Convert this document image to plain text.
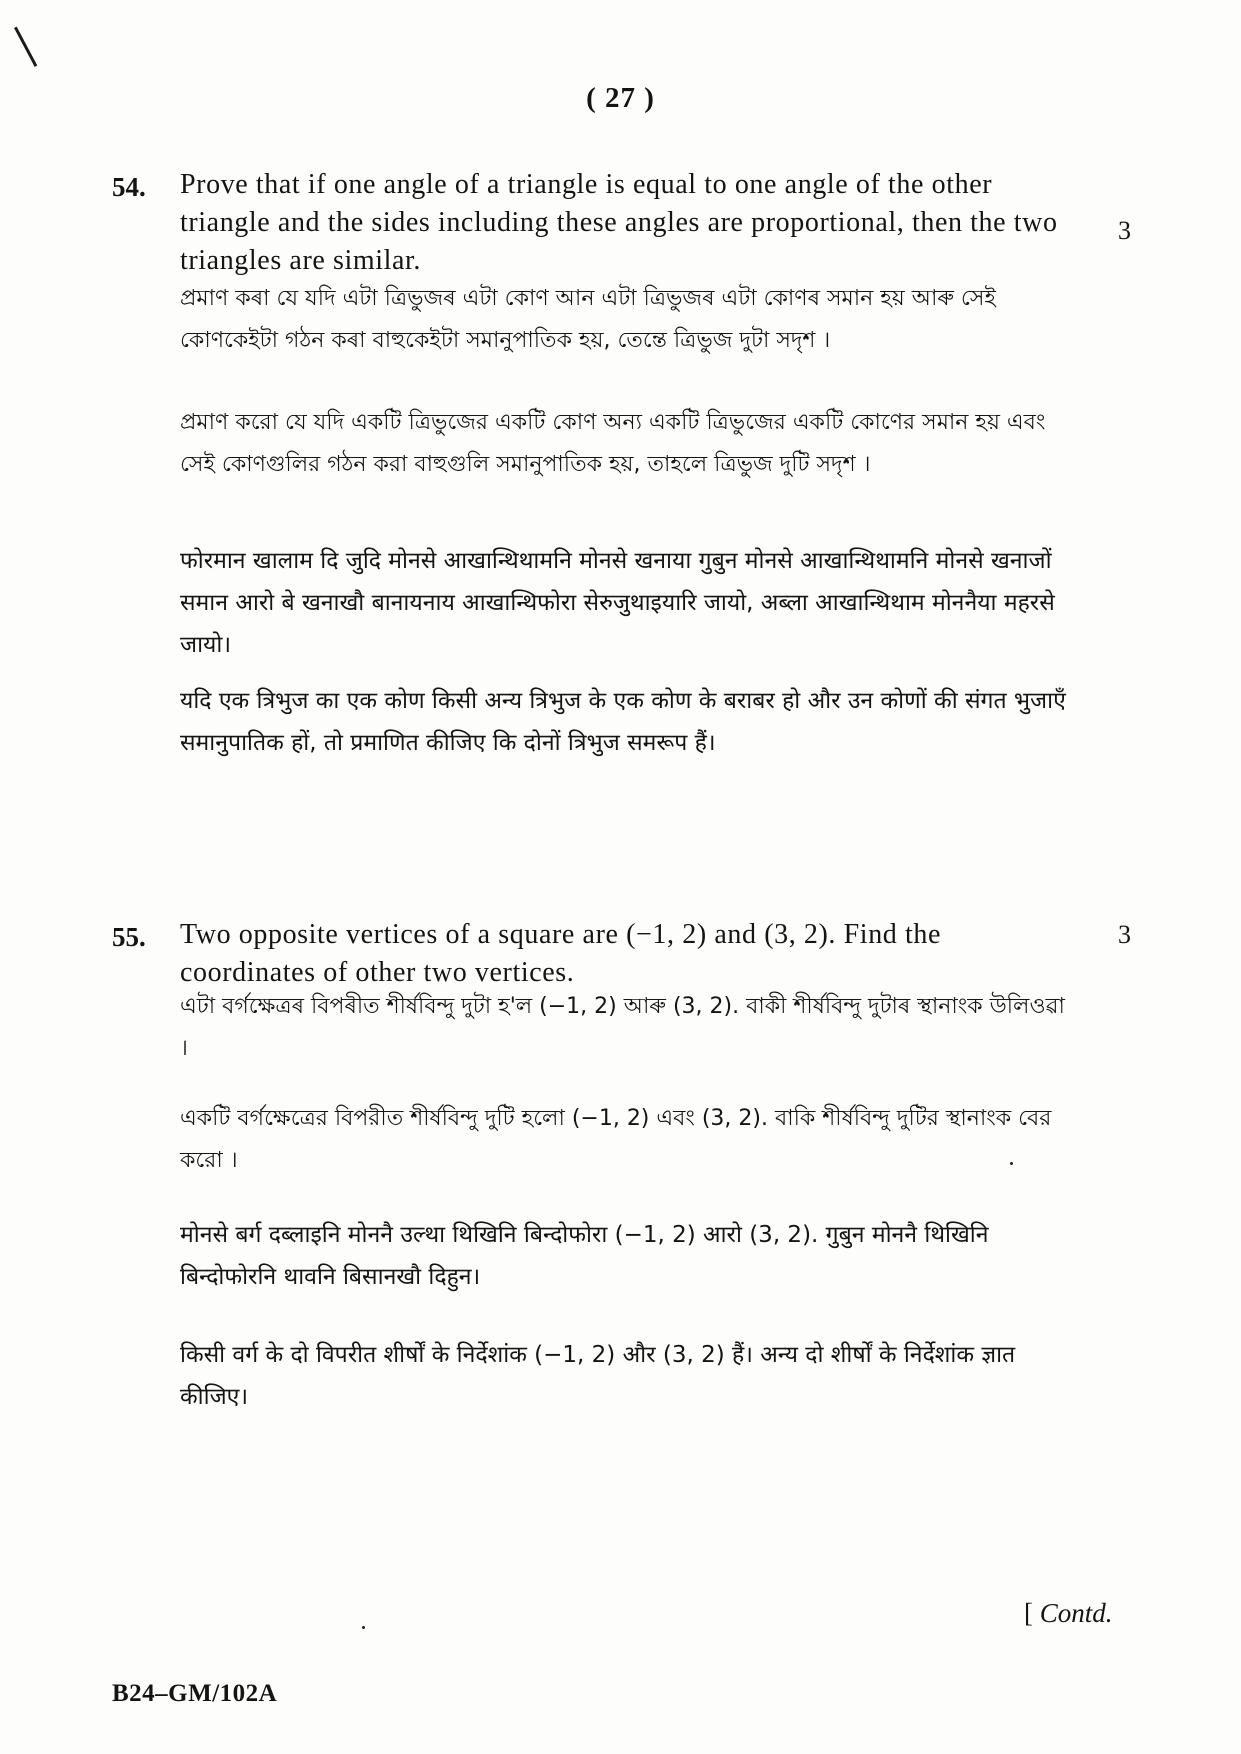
( 27 )
54. Prove that if one angle of a triangle is equal to one angle of the other triangle and the sides including these angles are proportional, then the two triangles are similar.
3
প্ৰমাণ কৰা যে যদি এটা ত্ৰিভুজৰ এটা কোণ আন এটা ত্ৰিভুজৰ এটা কোণৰ সমান হয় আৰু সেই কোণকেইটা গঠন কৰা বাহুকেইটা সমানুপাতিক হয়, তেন্তে ত্ৰিভুজ দুটা সদৃশ ।
প্রমাণ করো যে যদি একটি ত্রিভুজের একটি কোণ অন্য একটি ত্রিভুজের একটি কোণের সমান হয় এবং সেই কোণগুলির গঠন করা বাহুগুলি সমানুপাতিক হয়, তাহলে ত্রিভুজ দুটি সদৃশ ।
फोरमान खालाम दि जुदि मोनसे आखान्थिथामनि मोनसे खनाया गुबुन मोनसे आखान्थिथामनि मोनसे खनाजों समान आरो बे खनाखौ बानायनाय आखान्थिफोरा सेरुजुथाइयारि जायो, अब्ला आखान्थिथाम मोननैया महरसे जायो।
यदि एक त्रिभुज का एक कोण किसी अन्य त्रिभुज के एक कोण के बराबर हो और उन कोणों की संगत भुजाएँ समानुपातिक हों, तो प्रमाणित कीजिए कि दोनों त्रिभुज समरूप हैं।
55. Two opposite vertices of a square are (−1, 2) and (3, 2). Find the coordinates of other two vertices.
3
এটা বৰ্গক্ষেত্ৰৰ বিপৰীত শীৰ্ষবিন্দু দুটা হ'ল (−1, 2) আৰু (3, 2). বাকী শীৰ্ষবিন্দু দুটাৰ স্থানাংক উলিওৱা ।
একটি বর্গক্ষেত্রের বিপরীত শীর্ষবিন্দু দুটি হলো (−1, 2) এবং (3, 2). বাকি শীর্ষবিন্দু দুটির স্থানাংক বের করো ।
मोनसे बर्ग दब्लाइनि मोननै उल्था थिखिनि बिन्दोफोरा (−1, 2) आरो (3, 2). गुबुन मोननै थिखिनि बिन्दोफोरनि थावनि बिसानखौ दिहुन।
किसी वर्ग के दो विपरीत शीर्षों के निर्देशांक (−1, 2) और (3, 2) हैं। अन्य दो शीर्षों के निर्देशांक ज्ञात कीजिए।
[ Contd.
B24–GM/102A
